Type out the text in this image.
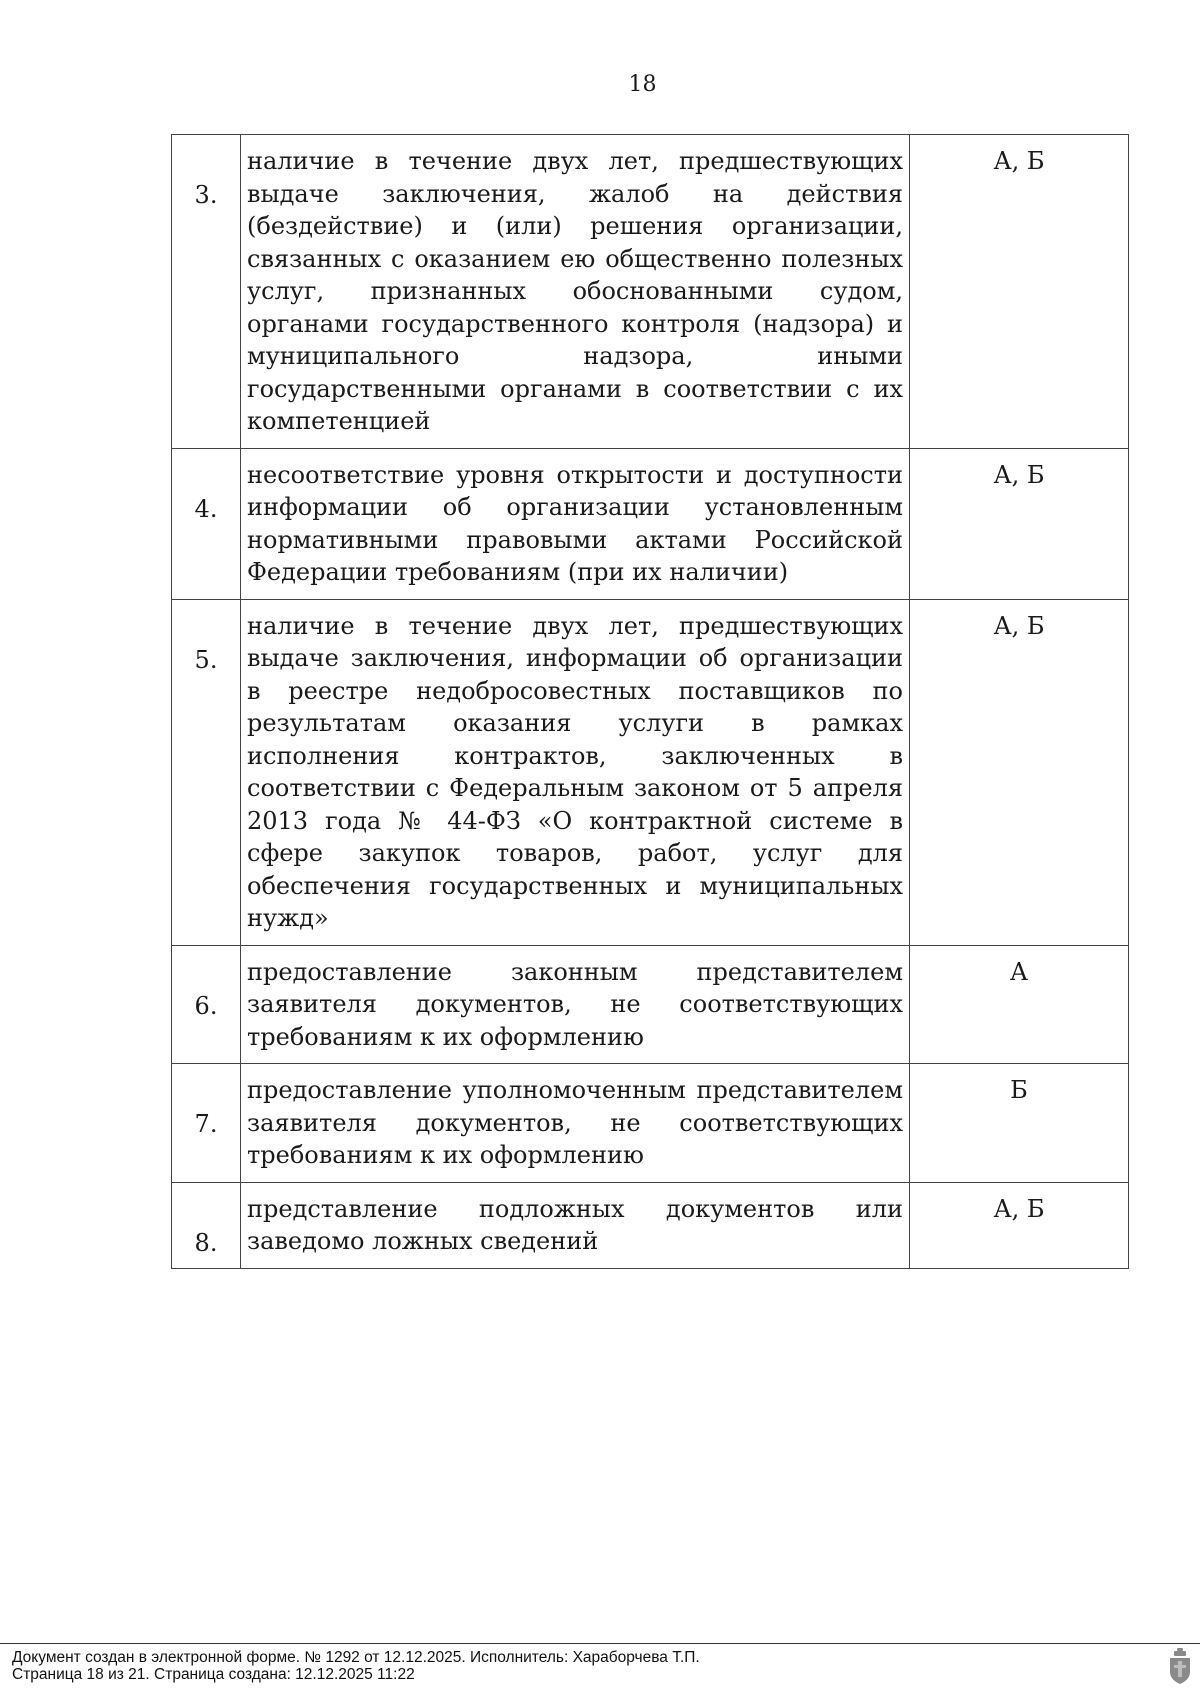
18
3.	наличие в течение двух лет, предшествующих выдаче заключения, жалоб на действия (бездействие) и (или) решения организации, связанных с оказанием ею общественно полезных услуг, признанных обоснованными судом, органами государственного контроля (надзора) и муниципального надзора, иными государственными органами в соответствии с их компетенцией	А, Б
4.	несоответствие уровня открытости и доступности информации об организации установленным нормативными правовыми актами Российской Федерации требованиям (при их наличии)	А, Б
5.	наличие в течение двух лет, предшествующих выдаче заключения, информации об организации в реестре недобросовестных поставщиков по результатам оказания услуги в рамках исполнения контрактов, заключенных в соответствии с Федеральным законом от 5 апреля 2013 года № 44-ФЗ «О контрактной системе в сфере закупок товаров, работ, услуг для обеспечения государственных и муниципальных нужд»	А, Б
6.	предоставление законным представителем заявителя документов, не соответствующих требованиям к их оформлению	А
7.	предоставление уполномоченным представителем заявителя документов, не соответствующих требованиям к их оформлению	Б
8.	представление подложных документов или заведомо ложных сведений	А, Б
Документ создан в электронной форме. № 1292 от 12.12.2025. Исполнитель: Хараборчева Т.П.
Страница 18 из 21. Страница создана: 12.12.2025 11:22
